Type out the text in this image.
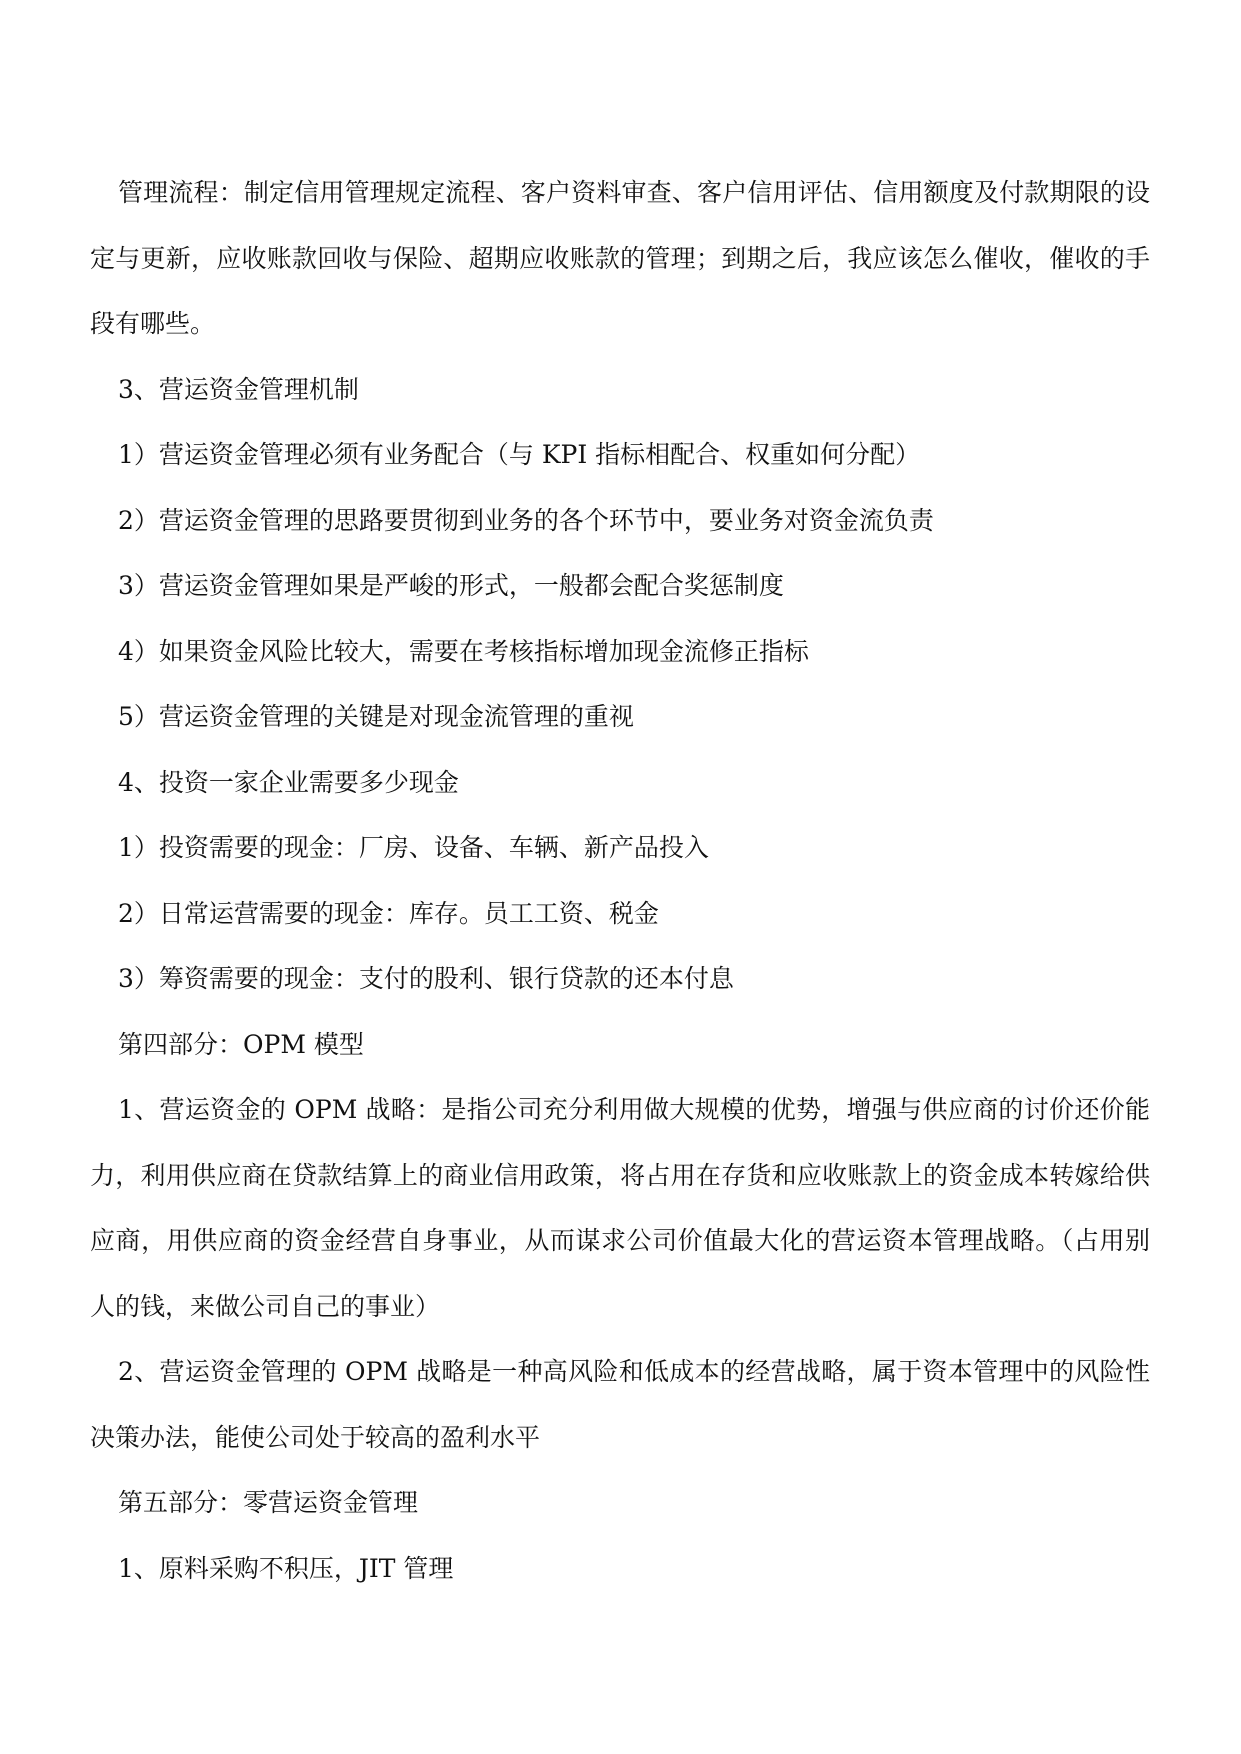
管理流程：制定信用管理规定流程、客户资料审查、客户信用评估、信用额度及付款期限的设定与更新，应收账款回收与保险、超期应收账款的管理；到期之后，我应该怎么催收，催收的手段有哪些。

3、营运资金管理机制

1）营运资金管理必须有业务配合（与 KPI 指标相配合、权重如何分配）

2）营运资金管理的思路要贯彻到业务的各个环节中，要业务对资金流负责

3）营运资金管理如果是严峻的形式，一般都会配合奖惩制度

4）如果资金风险比较大，需要在考核指标增加现金流修正指标

5）营运资金管理的关键是对现金流管理的重视

4、投资一家企业需要多少现金

1）投资需要的现金：厂房、设备、车辆、新产品投入

2）日常运营需要的现金：库存。员工工资、税金

3）筹资需要的现金：支付的股利、银行贷款的还本付息

第四部分：OPM 模型

1、营运资金的 OPM 战略：是指公司充分利用做大规模的优势，增强与供应商的讨价还价能力，利用供应商在贷款结算上的商业信用政策，将占用在存货和应收账款上的资金成本转嫁给供应商，用供应商的资金经营自身事业，从而谋求公司价值最大化的营运资本管理战略。（占用别人的钱，来做公司自己的事业）

2、营运资金管理的 OPM 战略是一种高风险和低成本的经营战略，属于资本管理中的风险性决策办法，能使公司处于较高的盈利水平

第五部分：零营运资金管理

1、原料采购不积压，JIT 管理
